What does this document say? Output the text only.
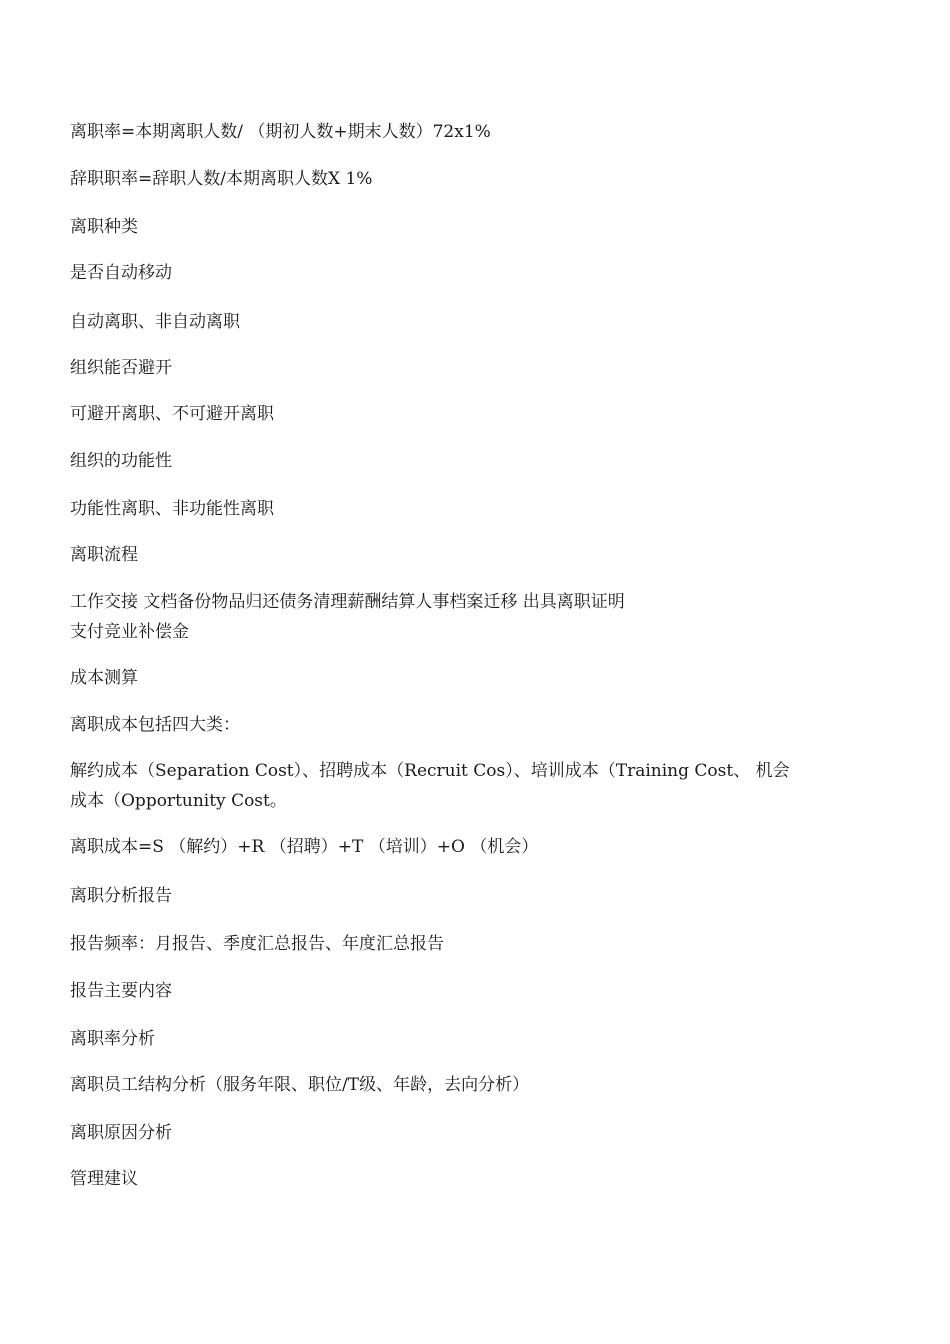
离职率=本期离职人数/ （期初人数+期末人数）72x1%
辞职职率=辞职人数/本期离职人数X 1%
离职种类
是否自动移动
自动离职、非自动离职
组织能否避开
可避开离职、不可避开离职
组织的功能性
功能性离职、非功能性离职
离职流程
工作交接 文档备份物品归还债务清理薪酬结算人事档案迁移 出具离职证明
支付竞业补偿金
成本测算
离职成本包括四大类：
解约成本（Separation Cost）、招聘成本（Recruit Cos）、培训成本（Training Cost、 机会
成本（Opportunity Cost。
离职成本=S （解约）+R （招聘）+T （培训）+O （机会）
离职分析报告
报告频率：月报告、季度汇总报告、年度汇总报告
报告主要内容
离职率分析
离职员工结构分析（服务年限、职位/T级、年龄，去向分析）
离职原因分析
管理建议
